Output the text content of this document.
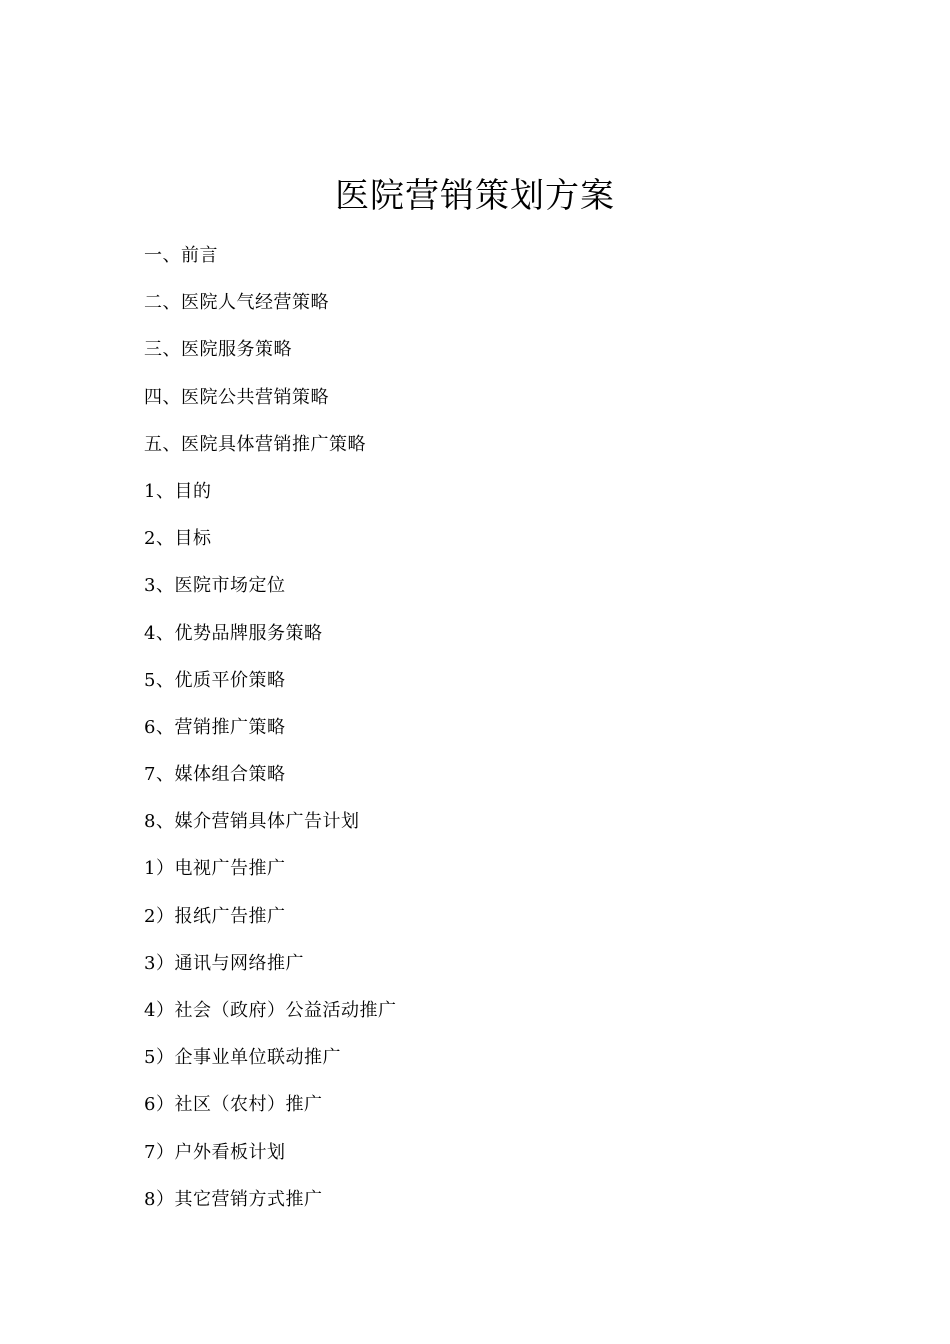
医院营销策划方案
一、前言
二、医院人气经营策略
三、医院服务策略
四、医院公共营销策略
五、医院具体营销推广策略
1、目的
2、目标
3、医院市场定位
4、优势品牌服务策略
5、优质平价策略
6、营销推广策略
7、媒体组合策略
8、媒介营销具体广告计划
1）电视广告推广
2）报纸广告推广
3）通讯与网络推广
4）社会（政府）公益活动推广
5）企事业单位联动推广
6）社区（农村）推广
7）户外看板计划
8）其它营销方式推广
